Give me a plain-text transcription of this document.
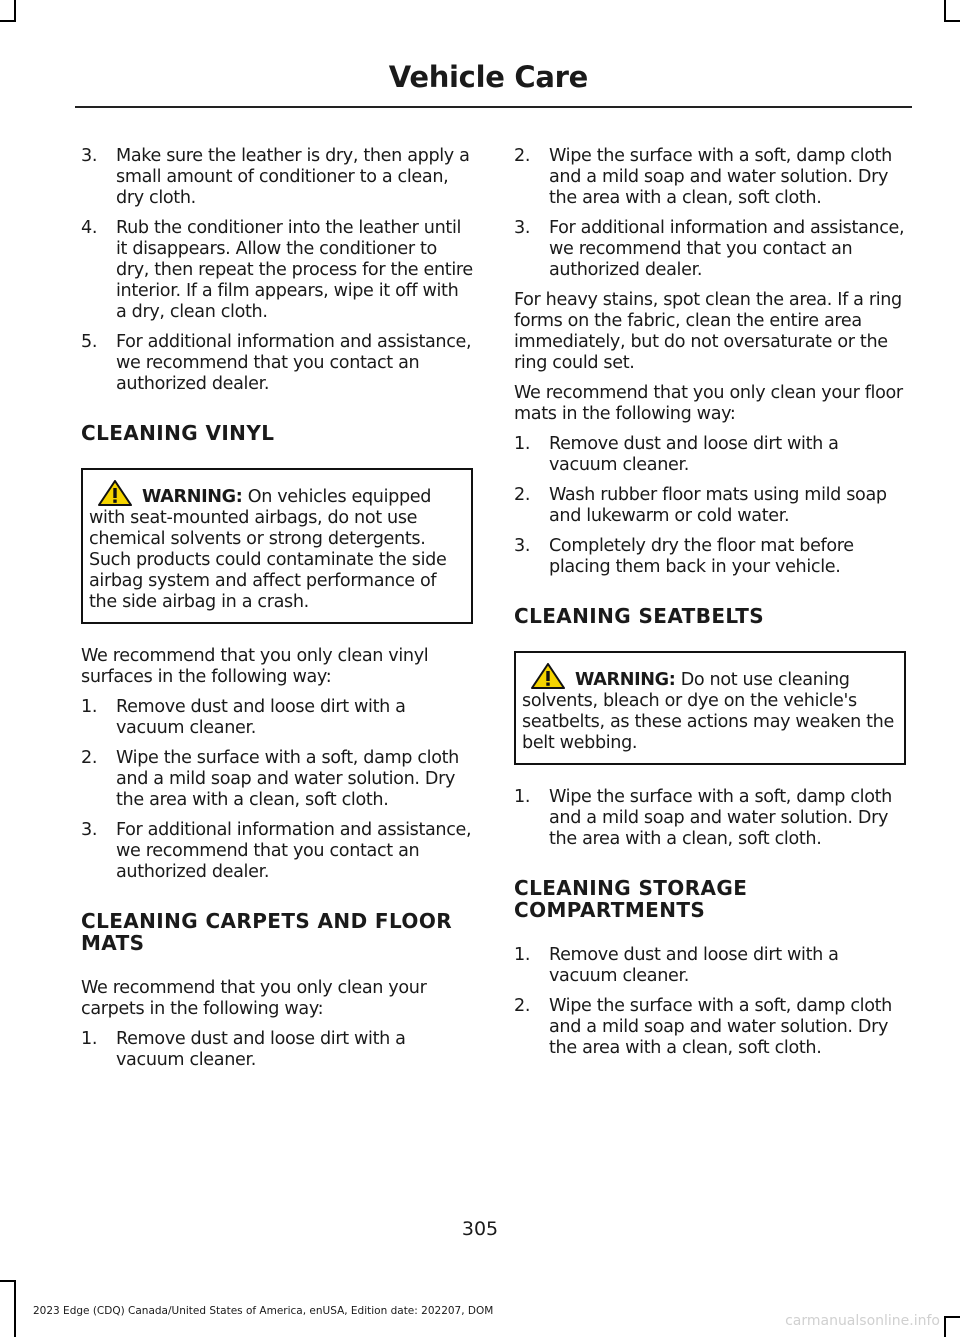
Vehicle Care
3. Make sure the leather is dry, then apply a small amount of conditioner to a clean, dry cloth.
4. Rub the conditioner into the leather until it disappears. Allow the conditioner to dry, then repeat the process for the entire interior. If a film appears, wipe it off with a dry, clean cloth.
5. For additional information and assistance, we recommend that you contact an authorized dealer.
CLEANING VINYL
WARNING: On vehicles equipped with seat-mounted airbags, do not use chemical solvents or strong detergents. Such products could contaminate the side airbag system and affect performance of the side airbag in a crash.
We recommend that you only clean vinyl surfaces in the following way:
1. Remove dust and loose dirt with a vacuum cleaner.
2. Wipe the surface with a soft, damp cloth and a mild soap and water solution. Dry the area with a clean, soft cloth.
3. For additional information and assistance, we recommend that you contact an authorized dealer.
CLEANING CARPETS AND FLOOR MATS
We recommend that you only clean your carpets in the following way:
1. Remove dust and loose dirt with a vacuum cleaner.
2. Wipe the surface with a soft, damp cloth and a mild soap and water solution. Dry the area with a clean, soft cloth.
3. For additional information and assistance, we recommend that you contact an authorized dealer.
For heavy stains, spot clean the area. If a ring forms on the fabric, clean the entire area immediately, but do not oversaturate or the ring could set.
We recommend that you only clean your floor mats in the following way:
1. Remove dust and loose dirt with a vacuum cleaner.
2. Wash rubber floor mats using mild soap and lukewarm or cold water.
3. Completely dry the floor mat before placing them back in your vehicle.
CLEANING SEATBELTS
WARNING: Do not use cleaning solvents, bleach or dye on the vehicle's seatbelts, as these actions may weaken the belt webbing.
1. Wipe the surface with a soft, damp cloth and a mild soap and water solution. Dry the area with a clean, soft cloth.
CLEANING STORAGE COMPARTMENTS
1. Remove dust and loose dirt with a vacuum cleaner.
2. Wipe the surface with a soft, damp cloth and a mild soap and water solution. Dry the area with a clean, soft cloth.
305
2023 Edge (CDQ) Canada/United States of America, enUSA, Edition date: 202207, DOM
carmanualsonline.info
